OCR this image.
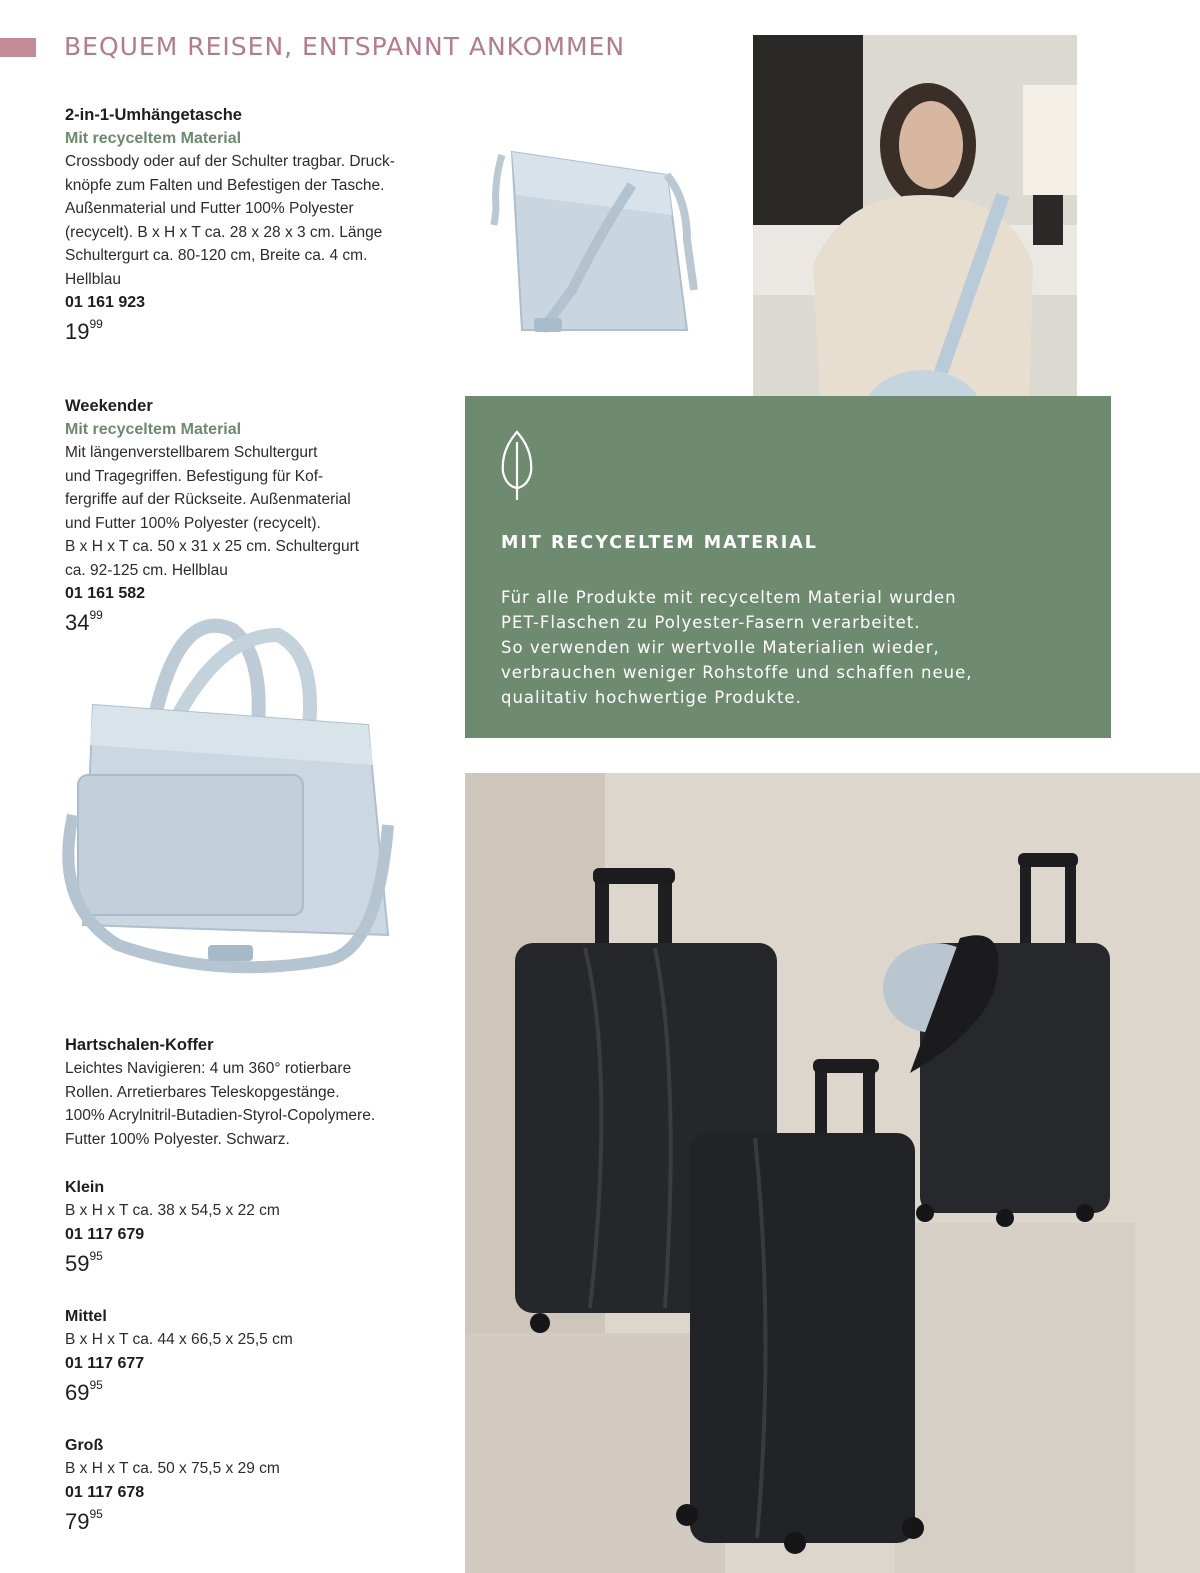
BEQUEM REISEN, ENTSPANNT ANKOMMEN
2-in-1-Umhängetasche
Mit recyceltem Material
Crossbody oder auf der Schulter tragbar. Druck-
knöpfe zum Falten und Befestigen der Tasche.
Außenmaterial und Futter 100% Polyester
(recycelt). B x H x T ca. 28 x 28 x 3 cm. Länge
Schultergurt ca. 80-120 cm, Breite ca. 4 cm.
Hellblau
01 161 923
$19^{99}$
Weekender
Mit recyceltem Material
Mit längenverstellbarem Schultergurt
und Tragegriffen. Befestigung für Kof-
fergriffe auf der Rückseite. Außenmaterial
und Futter 100% Polyester (recycelt).
B x H x T ca. 50 x 31 x 25 cm. Schultergurt
ca. 92-125 cm. Hellblau
01 161 582
$34^{99}$
Hartschalen-Koffer
Leichtes Navigieren: 4 um 360° rotierbare
Rollen. Arretierbares Teleskopgestänge.
100% Acrylnitril-Butadien-Styrol-Copolymere.
Futter 100% Polyester. Schwarz.
Klein
B x H x T ca. 38 x 54,5 x 22 cm
01 117 679
$59^{95}$
Mittel
B x H x T ca. 44 x 66,5 x 25,5 cm
01 117 677
$69^{95}$
Groß
B x H x T ca. 50 x 75,5 x 29 cm
01 117 678
$79^{95}$
MIT RECYCELTEM MATERIAL
Für alle Produkte mit recyceltem Material wurden
PET-Flaschen zu Polyester-Fasern verarbeitet.
So verwenden wir wertvolle Materialien wieder,
verbrauchen weniger Rohstoffe und schaffen neue,
qualitativ hochwertige Produkte.
